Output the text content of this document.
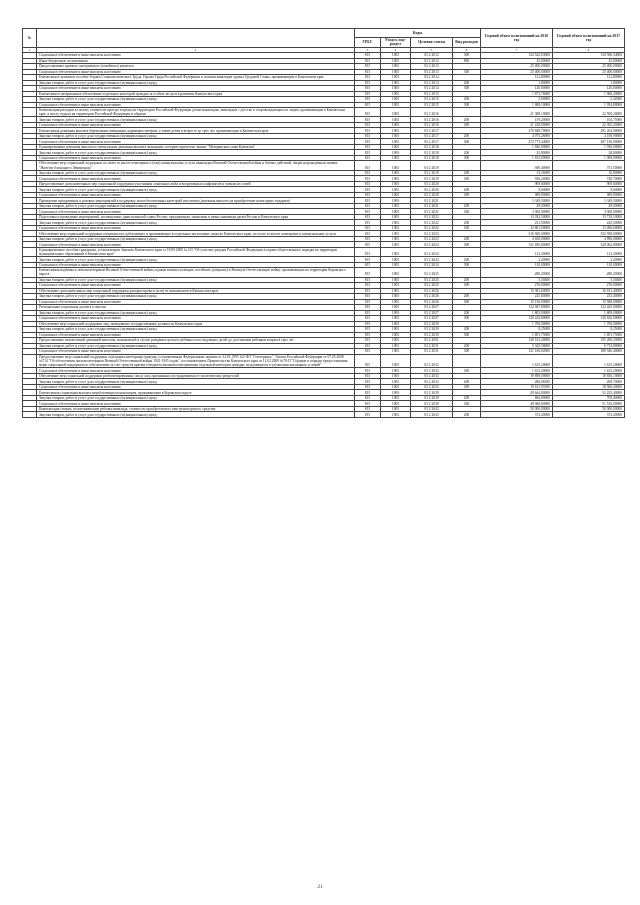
№		Коды				Годовой объем ассигнований на 2016 год	Годовой объем ассигнований на 2017 год
		ГРБС	Раздел, под-раздел	Целевая статья	Вид расходов		
1	2	3	4	5	6	7	8
	Социальное обеспечение и иные выплаты населению	815	1003	03 2 2012	300	124 542,03000	130 586,34000
	Иные бюджетные ассигнования	815	1003	03 2 2012	800	45,00000	45,00000
	Предоставление краевого материнского (семейного) капитала	815	1003	03 2 2013		25 400,00000	25 400,00000
	Социальное обеспечение и иные выплаты населению	815	1003	03 2 2013	300	25 400,00000	25 400,00000
	Ежемесячное денежное пособие Героям Социалистического Труда, Героям Труда Российской Федерации и полным кавалерам ордена Трудовой Славы, проживающим в Камчатском крае	815	1003	03 2 2014		121,80000	121,80000
	Закупка товаров, работ и услуг для государственных (муниципальных) нужд	815	1003	03 2 2014	200	1,80000	1,80000
	Социальное обеспечение и иные выплаты населению	815	1003	03 2 2014	300	120,00000	120,00000
	Ежемесячное материальное обеспечение отдельных категорий граждан за особые заслуги в развитии Камчатского края	815	1003	03 2 2015		1 873,76000	1 960,20000
	Закупка товаров, работ и услуг для государственных (муниципальных) нужд	815	1003	03 2 2015	200	5,00000	5,32000
	Социальное обеспечение и иные выплаты населению	815	1003	03 2 2015	300	1 868,10000	1 954,88000
	Компенсация расходов за оплату стоимости проезда в пределах территории Российской Федерации детям-инвалидам, инвалидам с детства и сопровождающим их лицам, проживающим в Камчатском крае, к месту отдыха на территории Российской Федерации и обратно	815	1003	03 2 2016		21 388,10000	22 500,20000
	Закупка товаров, работ и услуг для государственных (муниципальных) нужд	815	1003	03 2 2016	200	159,20000	104,75000
	Социальное обеспечение и иные выплаты населению	815	1003	03 2 2016	300	21 228,90000	22 395,45000
	Ежемесячная денежная выплата беременным женщинам, кормящим матерям, а также детям в возрасте до трех лет, проживающим в Камчатском крае	815	1003	03 2 2017		276 848,70000	291 264,90000
	Закупка товаров, работ и услуг для государственных (муниципальных) нужд	815	1003	03 2 2017	200	4 075,26000	4 108,90000
	Социальное обеспечение и иные выплаты населению	815	1003	03 2 2017	300	272 773,44000	287 156,00000
	Единовременная денежная выплата и ежемесячная денежная выплата женщинам, которым присвоено звание "Материнская слава Камчатки"	815	1003	03 2 2018		1 840,80000	1 936,00000
	Закупка товаров, работ и услуг для государственных (муниципальных) нужд	815	1003	03 2 2018	200	25,80000	28,00000
	Социальное обеспечение и иные выплаты населению	815	1003	03 2 2018	300	1 815,00000	1 908,00000
	Обеспечение мер социальной поддержки по плате за жилое помещение и (или) коммунальные услуги инвалидам Великой Отечественной войны и боевых действий, лицам награжденным знаком "Жителю блокадного Ленинграда"	815	1003	03 2 2019		949,40000	751,50000
	Закупка товаров, работ и услуг для государственных (муниципальных) нужд	815	1003	03 2 2019	200	13,16000	10,80000
	Социальное обеспечение и иные выплаты населению	815	1003	03 2 2019	300	936,24000	740,70000
	Предоставление дополнительных мер социальной поддержки участникам локальных войн и вооруженных конфликтов и членам их семей	815	1003	03 2 2020		909,60000	909,60000
	Закупка товаров, работ и услуг для государственных (муниципальных) нужд	815	1003	03 2 2020	200	9,60000	9,60000
	Социальное обеспечение и иные выплаты населению	815	1003	03 2 2020	300	900,00000	900,00000
	Проведение праздничных и разовых мероприятий в поддержку малообеспеченных категорий населения (денежная выплата на приобретение новогодних подарков)	815	1003	03 2 2021		3 349,50000	3 349,50000
	Закупка товаров, работ и услуг для государственных (муниципальных) нужд	815	1003	03 2 2021	200	49,50000	49,50000
	Социальное обеспечение и иные выплаты населению	815	1003	03 2 2021	300	3 300,00000	3 300,00000
	Подготовка и проведение мероприятий, посвященных дням воинской славы России, праздничным, памятным и иным значимым датам России и Камчатского края	815	1003	03 2 2022		13 032,50000	13 710,10000
	Закупка товаров, работ и услуг для государственных (муниципальных) нужд	815	1003	03 2 2022	200	231,50000	243,50000
	Социальное обеспечение и иные выплаты населению	815	1003	03 2 2022	300	12 801,00000	13 466,60000
	Обеспечение мер социальной поддержки специалистов, работающих и проживающих в отдельных населенных пунктах Камчатского края, по плате за жилое помещение и коммунальные услуги	815	1003	03 2 2023		316 500,00000	332 958,00000
	Закупка товаров, работ и услуг для государственных (муниципальных) нужд	815	1003	03 2 2023	200	4 650,00000	4 896,00000
	Социальное обеспечение и иные выплаты населению	815	1003	03 2 2023	300	311 850,00000	328 062,00000
	Единовременное пособие гражданам, установленное Законом Камчатского края от 18.09.2008 №133 "Об участии граждан Российской Федерации в охране общественного порядка на территории муниципальных образований в Камчатском крае"	815	1003	03 2 2024		112,20000	112,20000
	Закупка товаров, работ и услуг для государственных (муниципальных) нужд	815	1003	03 2 2024	200	2,20000	2,20000
	Социальное обеспечение и иные выплаты населению	815	1003	03 2 2024	300	110,00000	110,00000
	Ежемесячная надбавка к пенсии ветеранам Великой Отечественной войны, вдовам военнослужащих, погибших (умерших) в Великую Отечественную войну, проживающим на территории Корякского округа	815	1003	03 2 2025		280,20000	280,20000
	Закупка товаров, работ и услуг для государственных (муниципальных) нужд	815	1003	03 2 2025	200	3,50400	3,50400
	Социальное обеспечение и иные выплаты населению	815	1003	03 2 2025	300	276,69600	276,69600
	Обеспечение дополнительных мер социальной поддержки донорам крови и (или) ее компонентов в Камчатском крае	815	1003	03 2 2026		15 381,60000	16 181,40000
	Закупка товаров, работ и услуг для государственных (муниципальных) нужд	815	1003	03 2 2026	200	225,60000	233,40000
	Социальное обеспечение и иные выплаты населению	815	1003	03 2 2026	300	15 156,00000	15 948,00000
	Региональная социальная доплата к пенсии	815	1003	03 2 2027		122 047,80000	122 445,00000
	Закупка товаров, работ и услуг для государственных (муниципальных) нужд	815	1003	03 2 2027	200	1 803,00000	1 809,00000
	Социальное обеспечение и иные выплаты населению	815	1003	03 2 2027	300	120 244,80000	120 636,00000
	Обеспечение мер социальной поддержки лиц, замещавших государственные должности Камчатского края	815	1003	03 2 2030		1 700,00000	1 700,00000
	Закупка товаров, работ и услуг для государственных (муниципальных) нужд	815	1003	03 2 2030	200	8,25000	8,25000
	Социальное обеспечение и иные выплаты населению	815	1003	03 2 2030	300	1 691,75000	1 691,75000
	Предоставление ежемесячной денежной выплаты, назначаемой в случае рождения третьего ребенка и последующих детей до достижения ребенком возраста трех лет	815	1003	03 2 2031		126 512,40000	195 280,20000
	Закупка товаров, работ и услуг для государственных (муниципальных) нужд	815	1003	03 2 2031	200	5 345,58000	6 733,80000
	Социальное обеспечение и иные выплаты населению	815	1003	03 2 2031	300	121 166,82000	188 546,40000
	Предоставление мер социальной поддержки отдельным категориям граждан, установленным Федеральным законом от 12.01.1995 №5-ФЗ "О ветеранах", Указом Российской Федерации от 07.05.2008 №714 "Об обеспечении жильем ветеранов Великой Отечественной войны 1941-1945 годов", постановлением Правительства Камчатского края от 11.02.2009 №70-П "О форме и порядке предоставления меры социальной поддержки по обеспечению за счет средств краевого бюджета жилыми помещениями отдельной категории граждан, нуждающихся в улучшении жилищных условий"	815	1003	03 2 2032		1 615,20000	1 615,20000
	Социальное обеспечение и иные выплаты населению	815	1003	03 2 2032	300	1 615,20000	1 615,20000
	Обеспечение мер социальной поддержки реабилитированных лиц и лиц, признанных пострадавшими от политических репрессий	815	1003	03 2 2033		19 898,00000	18 836,10000
	Закупка товаров, работ и услуг для государственных (муниципальных) нужд	815	1003	03 2 2033	200	286,06500	269,70000
	Социальное обеспечение и иные выплаты населению	815	1003	03 2 2033	300	19 611,93500	18 566,40000
	Ежемесячная социальная выплата неработающим пенсионерам, проживающим в Корякском округе	815	1003	03 2 2039		49 644,80000	52 225,40000
	Закупка товаров, работ и услуг для государственных (муниципальных) нужд	815	1003	03 2 2039	200	684,00000	709,40000
	Социальное обеспечение и иные выплаты населению	815	1003	03 2 2039	300	48 960,80000	51 516,00000
	Компенсация семьям, воспитывающим ребенка-инвалида, стоимости приобретаемого ими транспортного средства	815	1003	03 2 2043		50 000,00000	50 000,00000
	Закупка товаров, работ и услуг для государственных (муниципальных) нужд	815	1003	03 2 2043	200	372,20000	372,20000
21
